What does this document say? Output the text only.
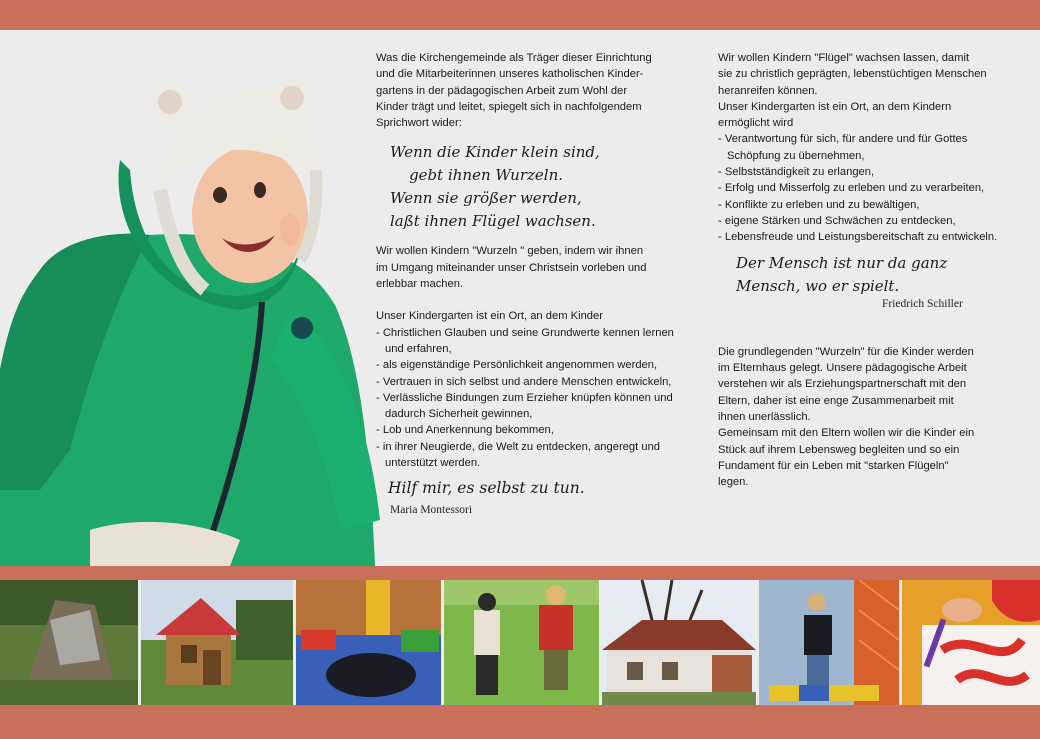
Was die Kirchengemeinde als Träger dieser Einrichtung
und die Mitarbeiterinnen unseres katholischen Kinder-
gartens in der pädagogischen Arbeit zum Wohl der
Kinder trägt und leitet, spiegelt sich in nachfolgendem
Sprichwort wider:

Wenn die Kinder klein sind,
gebt ihnen Wurzeln.
Wenn sie größer werden,
laßt ihnen Flügel wachsen.

Wir wollen Kindern "Wurzeln " geben, indem wir ihnen
im Umgang miteinander unser Christsein vorleben und
erlebbar machen.

Unser Kindergarten ist ein Ort, an dem Kinder

- Christlichen Glauben und seine Grundwerte kennen lernen und erfahren,
- als eigenständige Persönlichkeit angenommen werden,
- Vertrauen in sich selbst und andere Menschen entwickeln,
- Verlässliche Bindungen zum Erzieher knüpfen können und dadurch Sicherheit gewinnen,
- Lob und Anerkennung bekommen,
- in ihrer Neugierde, die Welt zu entdecken, angeregt und unterstützt werden.
Hilf mir, es selbst zu tun.
Maria Montessori

Wir wollen Kindern "Flügel" wachsen lassen, damit
sie zu christlich geprägten, lebenstüchtigen Menschen
heranreifen können.

Unser Kindergarten ist ein Ort, an dem Kindern
ermöglicht wird

- Verantwortung für sich, für andere und für Gottes Schöpfung zu übernehmen,
- Selbstständigkeit zu erlangen,
- Erfolg und Misserfolg zu erleben und zu verarbeiten,
- Konflikte zu erleben und zu bewältigen,
- eigene Stärken und Schwächen zu entdecken,
- Lebensfreude und Leistungsbereitschaft zu entwickeln.
Der Mensch ist nur da ganz
Mensch, wo er spielt.
Friedrich Schiller

Die grundlegenden "Wurzeln" für die Kinder werden
im Elternhaus gelegt. Unsere pädagogische Arbeit
verstehen wir als Erziehungspartnerschaft mit den
Eltern, daher ist eine enge Zusammenarbeit mit
ihnen unerlässlich.
Gemeinsam mit den Eltern wollen wir die Kinder ein
Stück auf ihrem Lebensweg begleiten und so ein
Fundament für ein Leben mit "starken Flügeln"
legen.
